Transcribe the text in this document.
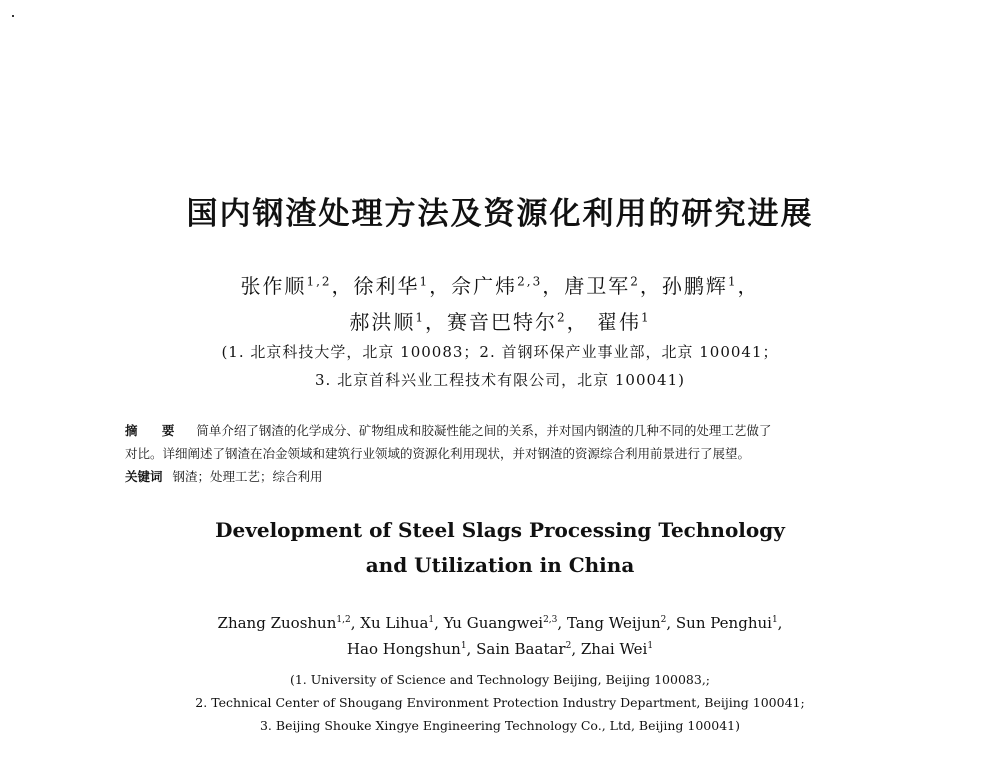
国内钢渣处理方法及资源化利用的研究进展
张作顺$^{1,2}$，徐利华$^1$，佘广炜$^{2,3}$，唐卫军$^2$，孙鹏辉$^1$，
郝洪顺$^1$，赛音巴特尔$^2$， 翟伟$^1$
(1. 北京科技大学，北京 100083；2. 首钢环保产业事业部，北京 100041；
3. 北京首科兴业工程技术有限公司，北京 100041)
摘 要 简单介绍了钢渣的化学成分、矿物组成和胶凝性能之间的关系，并对国内钢渣的几种不同的处理工艺做了
对比。详细阐述了钢渣在冶金领域和建筑行业领域的资源化利用现状，并对钢渣的资源综合利用前景进行了展望。
关键词 钢渣；处理工艺；综合利用
Development of Steel Slags Processing Technology
and Utilization in China
Zhang Zuoshun$^{1,2}$, Xu Lihua$^1$, Yu Guangwei$^{2,3}$, Tang Weijun$^2$, Sun Penghui$^1$,
Hao Hongshun$^1$, Sain Baatar$^2$, Zhai Wei$^1$
(1. University of Science and Technology Beijing, Beijing 100083,;
2. Technical Center of Shougang Environment Protection Industry Department, Beijing 100041;
3. Beijing Shouke Xingye Engineering Technology Co., Ltd, Beijing 100041)
